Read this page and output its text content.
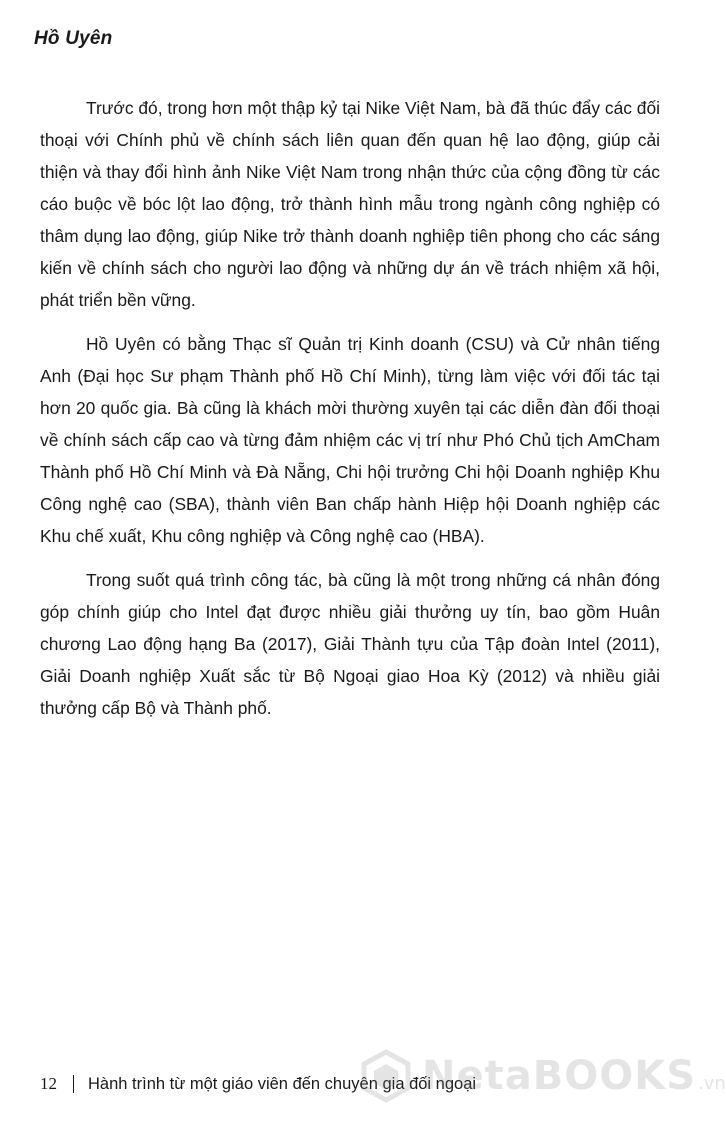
Hồ Uyên

Trước đó, trong hơn một thập kỷ tại Nike Việt Nam, bà đã thúc đẩy các đối thoại với Chính phủ về chính sách liên quan đến quan hệ lao động, giúp cải thiện và thay đổi hình ảnh Nike Việt Nam trong nhận thức của cộng đồng từ các cáo buộc về bóc lột lao động, trở thành hình mẫu trong ngành công nghiệp có thâm dụng lao động, giúp Nike trở thành doanh nghiệp tiên phong cho các sáng kiến về chính sách cho người lao động và những dự án về trách nhiệm xã hội, phát triển bền vững.

Hồ Uyên có bằng Thạc sĩ Quản trị Kinh doanh (CSU) và Cử nhân tiếng Anh (Đại học Sư phạm Thành phố Hồ Chí Minh), từng làm việc với đối tác tại hơn 20 quốc gia. Bà cũng là khách mời thường xuyên tại các diễn đàn đối thoại về chính sách cấp cao và từng đảm nhiệm các vị trí như Phó Chủ tịch AmCham Thành phố Hồ Chí Minh và Đà Nẵng, Chi hội trưởng Chi hội Doanh nghiệp Khu Công nghệ cao (SBA), thành viên Ban chấp hành Hiệp hội Doanh nghiệp các Khu chế xuất, Khu công nghiệp và Công nghệ cao (HBA).

Trong suốt quá trình công tác, bà cũng là một trong những cá nhân đóng góp chính giúp cho Intel đạt được nhiều giải thưởng uy tín, bao gồm Huân chương Lao động hạng Ba (2017), Giải Thành tựu của Tập đoàn Intel (2011), Giải Doanh nghiệp Xuất sắc từ Bộ Ngoại giao Hoa Kỳ (2012) và nhiều giải thưởng cấp Bộ và Thành phố.

12 Hành trình từ một giáo viên đến chuyên gia đối ngoại
NetaBOOKS .vn
